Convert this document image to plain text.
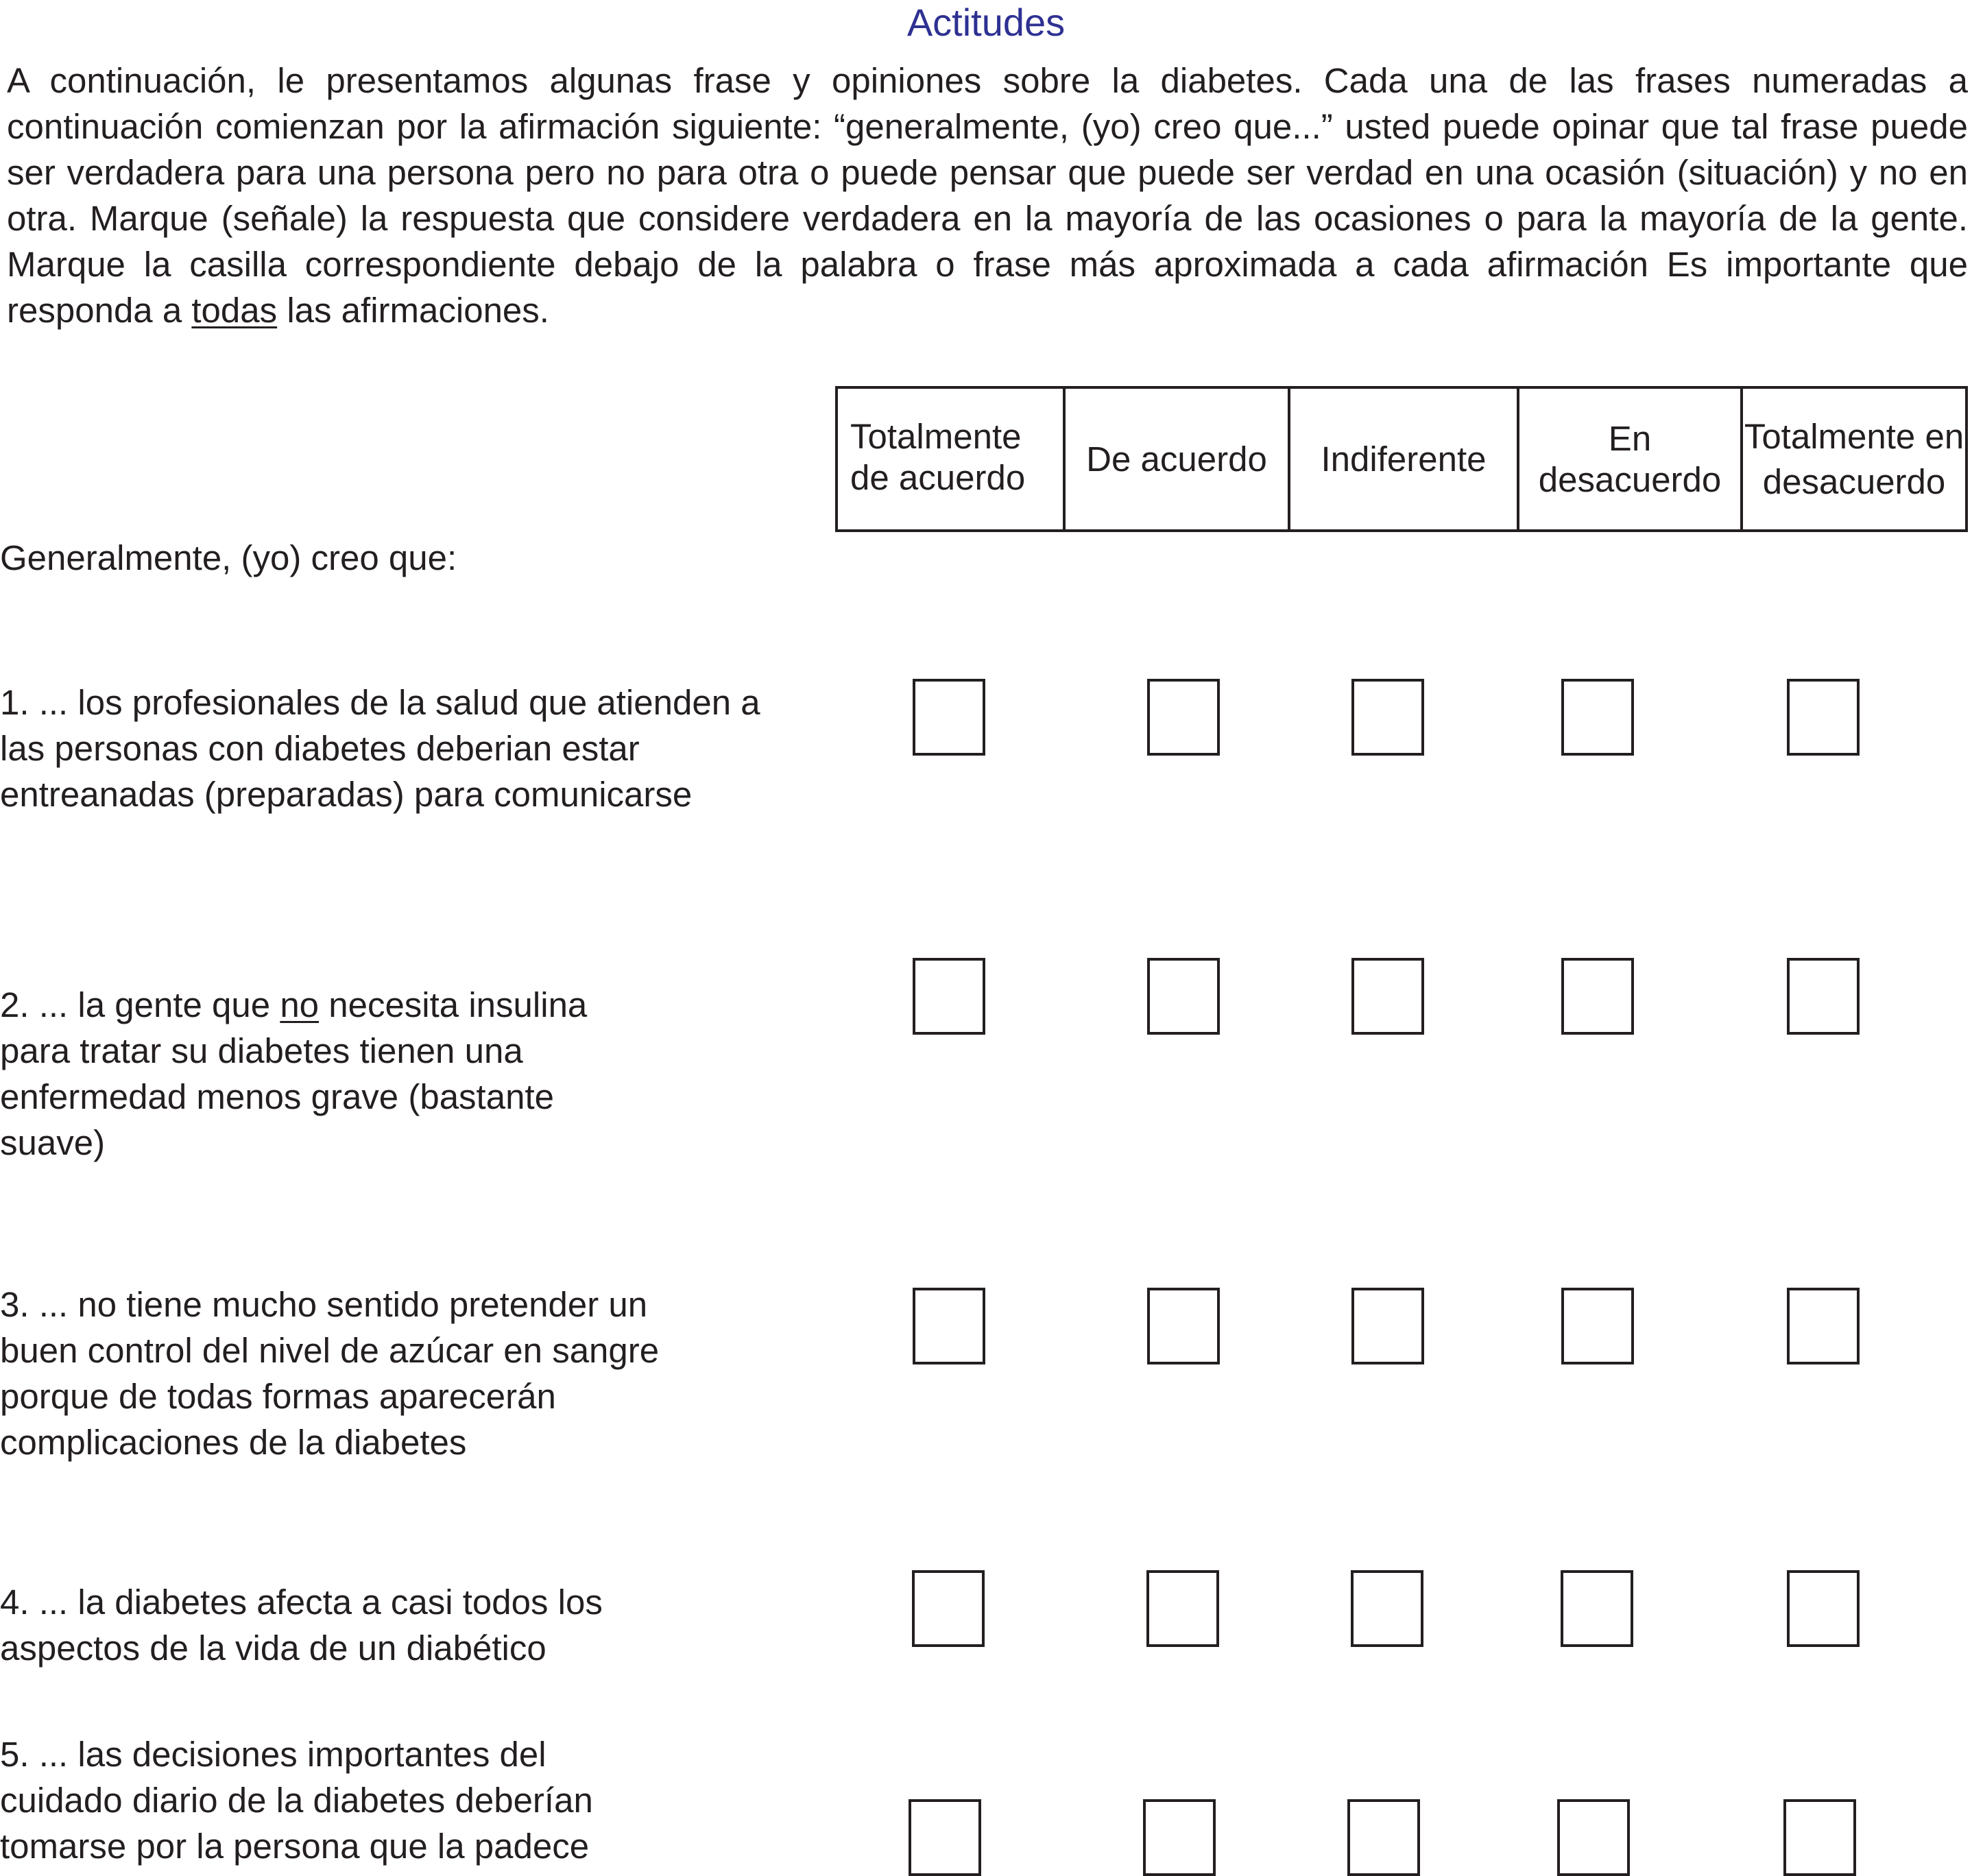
Actitudes

A continuación, le presentamos algunas frase y opiniones sobre la diabetes. Cada una de las frases numeradas a continuación comienzan por la afirmación siguiente: “generalmente, (yo) creo que...” usted puede opinar que tal frase puede ser verdadera para una persona pero no para otra o puede pensar que puede ser verdad en una ocasión (situación) y no en otra. Marque (señale) la respuesta que considere verdadera en la mayoría de las ocasiones o para la mayoría de la gente. Marque la casilla correspondiente debajo de la palabra o frase más aproximada a cada afirmación Es importante que responda a todas las afirmaciones.

Totalmente de acuerdo	De acuerdo	Indiferente	En desacuerdo	Totalmente en desacuerdo
Generalmente, (yo) creo que:
1. ... los profesionales de la salud que atienden a las personas con diabetes deberian estar entreanadas (preparadas) para comunicarse
2. ... la gente que no necesita insulina para tratar su diabetes tienen una enfermedad menos grave (bastante suave)
3. ... no tiene mucho sentido pretender un buen control del nivel de azúcar en sangre porque de todas formas aparecerán complicaciones de la diabetes
4. ... la diabetes afecta a casi todos los aspectos de la vida de un diabético
5. ... las decisiones importantes del cuidado diario de la diabetes deberían tomarse por la persona que la padece
